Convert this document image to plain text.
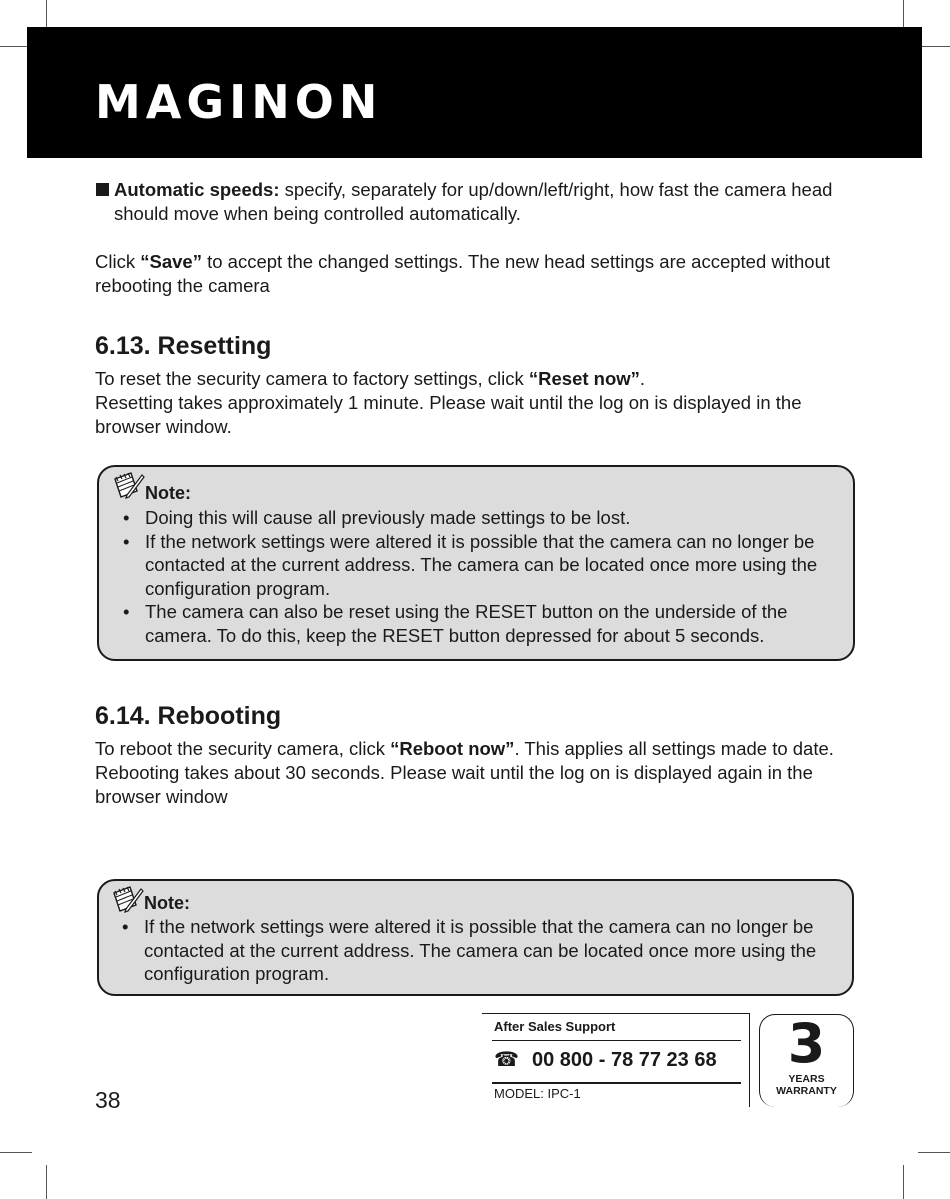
MAGINON
Automatic speeds: specify, separately for up/down/left/right, how fast the camera head should move when being controlled automatically.
Click “Save” to accept the changed settings. The new head settings are accepted without rebooting the camera
6.13. Resetting
To reset the security camera to factory settings, click “Reset now”.
Resetting takes approximately 1 minute. Please wait until the log on is displayed in the browser window.
Note:
• Doing this will cause all previously made settings to be lost.
• If the network settings were altered it is possible that the camera can no longer be contacted at the current address. The camera can be located once more using the configuration program.
• The camera can also be reset using the RESET button on the underside of the camera. To do this, keep the RESET button depressed for about 5 seconds.
6.14. Rebooting
To reboot the security camera, click “Reboot now”. This applies all settings made to date. Rebooting takes about 30 seconds. Please wait until the log on is displayed again in the browser window
Note:
• If the network settings were altered it is possible that the camera can no longer be contacted at the current address. The camera can be located once more using the configuration program.
After Sales Support
☎ 00 800 - 78 77 23 68
MODEL: IPC-1
3
YEARS
WARRANTY
38
